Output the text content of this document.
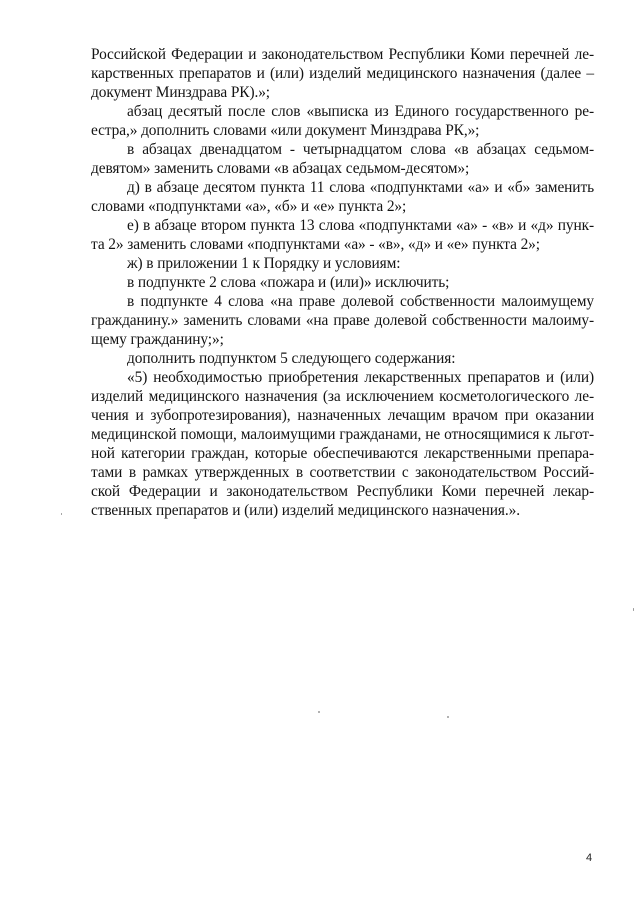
Российской Федерации и законодательством Республики Коми перечней ле-
карственных препаратов и (или) изделий медицинского назначения (далее –
документ Минздрава РК).»;
абзац десятый после слов «выписка из Единого государственного ре-
естра,» дополнить словами «или документ Минздрава РК,»;
в абзацах двенадцатом - четырнадцатом слова «в абзацах седьмом-
девятом» заменить словами «в абзацах седьмом-десятом»;
д) в абзаце десятом пункта 11 слова «подпунктами «а» и «б» заменить
словами «подпунктами «а», «б» и «е» пункта 2»;
е) в абзаце втором пункта 13 слова «подпунктами «а» - «в» и «д» пунк-
та 2» заменить словами «подпунктами «а» - «в», «д» и «е» пункта 2»;
ж) в приложении 1 к Порядку и условиям:
в подпункте 2 слова «пожара и (или)» исключить;
в подпункте 4 слова «на праве долевой собственности малоимущему
гражданину.» заменить словами «на праве долевой собственности малоиму-
щему гражданину;»;
дополнить подпунктом 5 следующего содержания:
«5) необходимостью приобретения лекарственных препаратов и (или)
изделий медицинского назначения (за исключением косметологического ле-
чения и зубопротезирования), назначенных лечащим врачом при оказании
медицинской помощи, малоимущими гражданами, не относящимися к льгот-
ной категории граждан, которые обеспечиваются лекарственными препара-
тами в рамках утвержденных в соответствии с законодательством Россий-
ской Федерации и законодательством Республики Коми перечней лекар-
ственных препаратов и (или) изделий медицинского назначения.».
4
